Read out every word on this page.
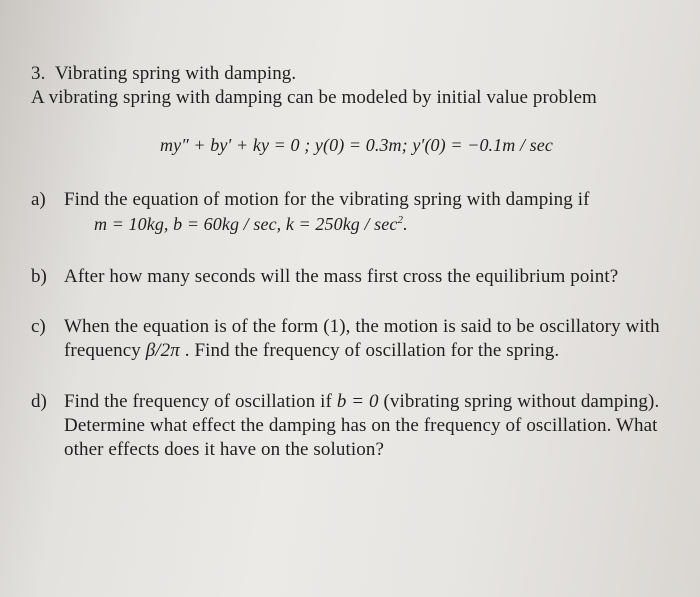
3. Vibrating spring with damping.
A vibrating spring with damping can be modeled by initial value problem
my″ + by′ + ky = 0 ; y(0) = 0.3m; y′(0) = −0.1m / sec
a) Find the equation of motion for the vibrating spring with damping if
m = 10kg, b = 60kg / sec, $k = 250kg / \sec^2$.
b) After how many seconds will the mass first cross the equilibrium point?
c) When the equation is of the form (1), the motion is said to be oscillatory with
frequency β/2π . Find the frequency of oscillation for the spring.
d) Find the frequency of oscillation if b = 0 (vibrating spring without damping).
Determine what effect the damping has on the frequency of oscillation. What
other effects does it have on the solution?
